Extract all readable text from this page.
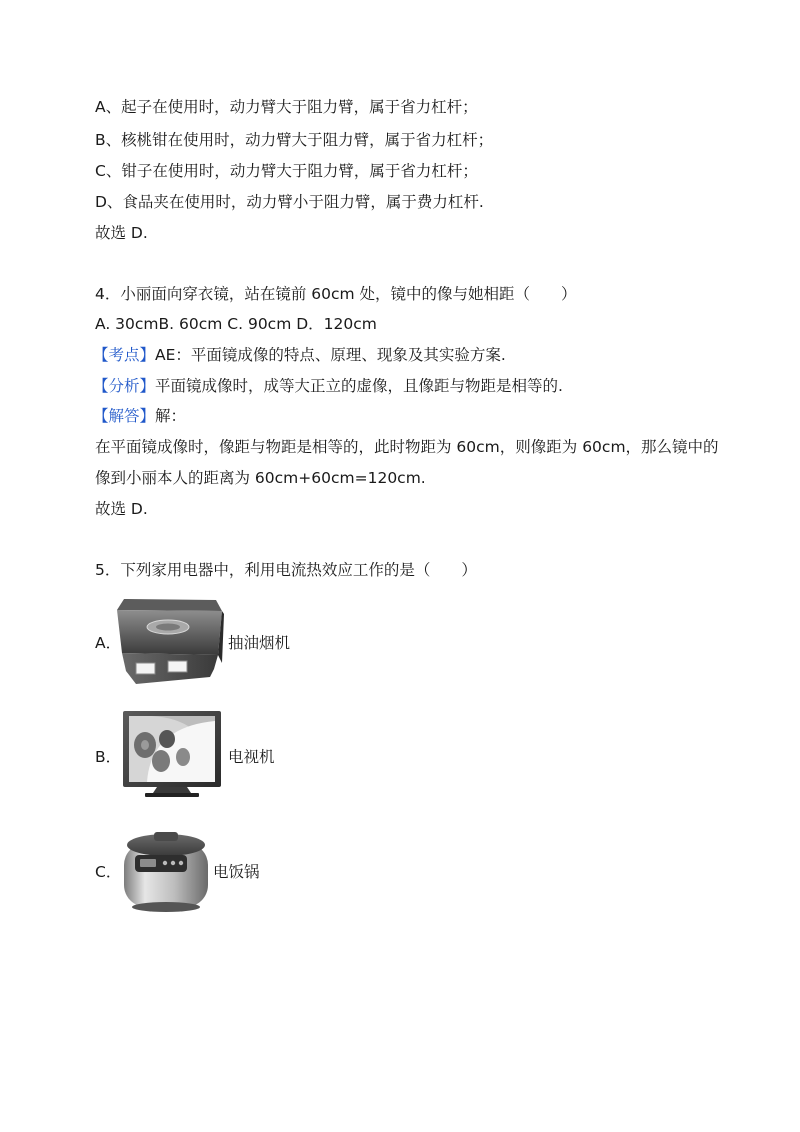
A、起子在使用时，动力臂大于阻力臂，属于省力杠杆；
B、核桃钳在使用时，动力臂大于阻力臂，属于省力杠杆；
C、钳子在使用时，动力臂大于阻力臂，属于省力杠杆；
D、食品夹在使用时，动力臂小于阻力臂，属于费力杠杆.
故选 D.
4．小丽面向穿衣镜，站在镜前 60cm 处，镜中的像与她相距（　　）
A. 30cmB. 60cm C. 90cm D．120cm
【考点】AE：平面镜成像的特点、原理、现象及其实验方案.
【分析】平面镜成像时，成等大正立的虚像，且像距与物距是相等的.
【解答】解：
在平面镜成像时，像距与物距是相等的，此时物距为 60cm，则像距为 60cm，那么镜中的
像到小丽本人的距离为 60cm+60cm=120cm.
故选 D.
5．下列家用电器中，利用电流热效应工作的是（　　）
A．	抽油烟机
B．	电视机
C．	电饭锅
